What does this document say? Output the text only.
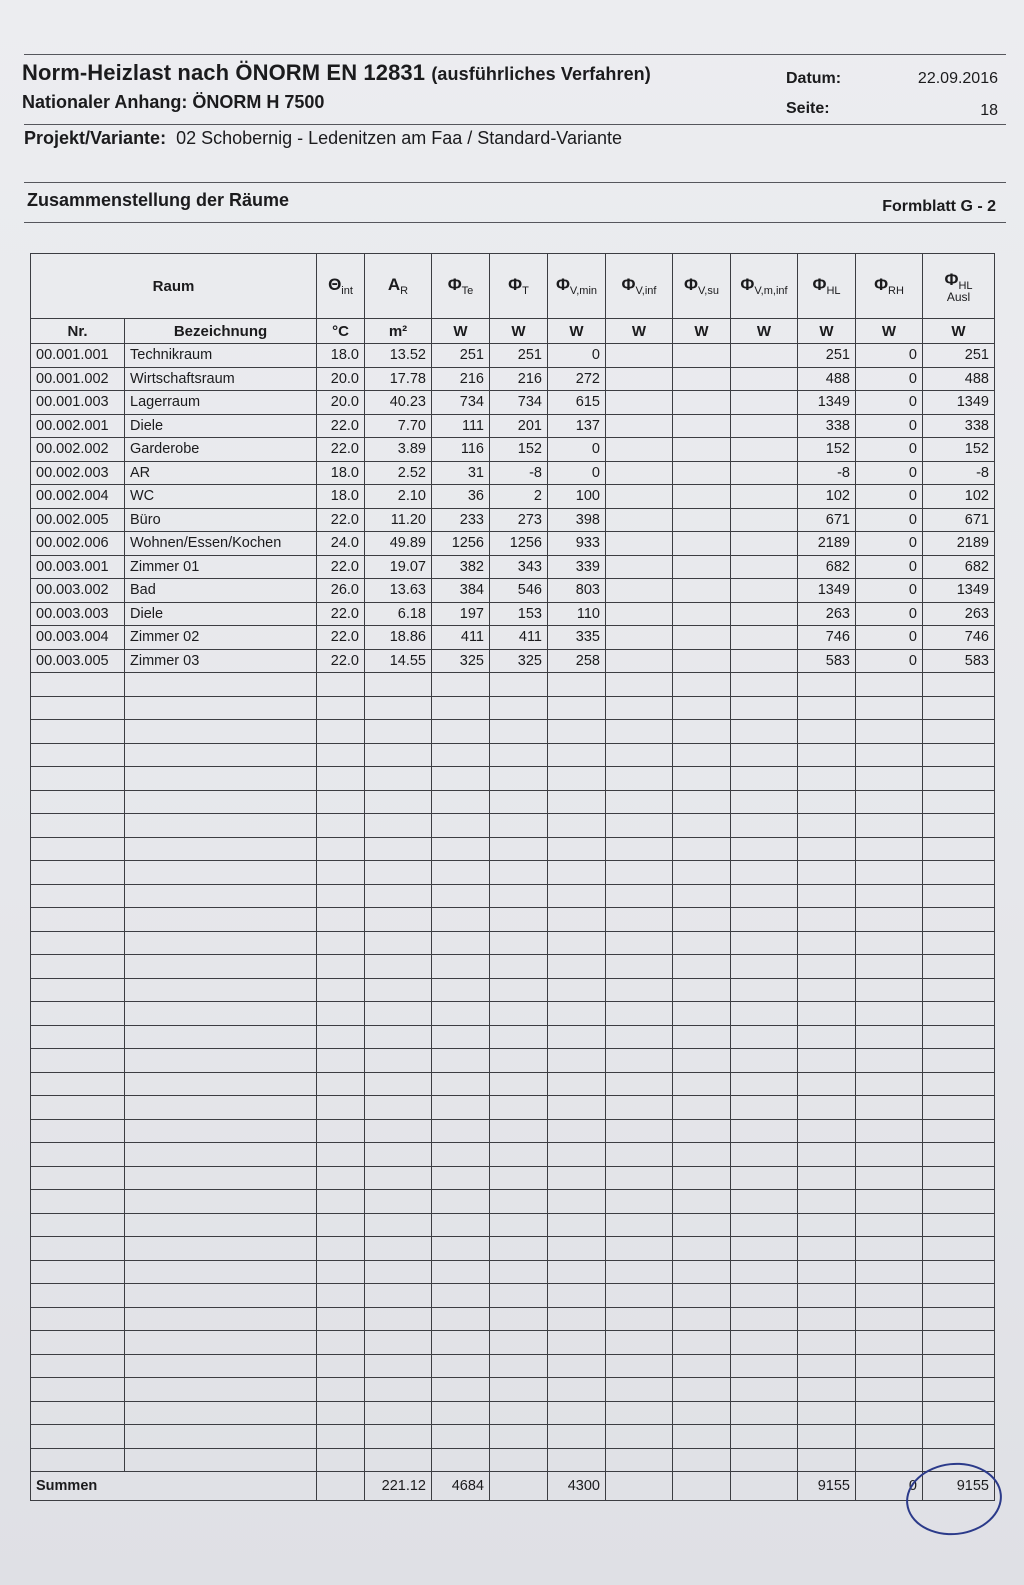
Norm-Heizlast nach ÖNORM EN 12831 (ausführliches Verfahren)
Nationaler Anhang: ÖNORM H 7500
Datum:	22.09.2016
Seite:	18
Projekt/Variante: 02 Schobernig - Ledenitzen am Faa / Standard-Variante
Zusammenstellung der Räume	Formblatt G - 2
Raum		$\Theta_{int}$	$A_R$	$\Phi_{Te}$	$\Phi_T$	$\Phi_{V,min}$	$\Phi_{V,inf}$	$\Phi_{V,su}$	$\Phi_{V,m,inf}$	$\Phi_{HL}$	$\Phi_{RH}$	$\Phi_{HL}$
Ausl

Nr.	Bezeichnung	°C	m²	W	W	W	W	W	W	W	W	W
00.001.001	Technikraum	18.0	13.52	251	251	0				251	0	251
00.001.002	Wirtschaftsraum	20.0	17.78	216	216	272				488	0	488
00.001.003	Lagerraum	20.0	40.23	734	734	615				1349	0	1349
00.002.001	Diele	22.0	7.70	111	201	137				338	0	338
00.002.002	Garderobe	22.0	3.89	116	152	0				152	0	152
00.002.003	AR	18.0	2.52	31	-8	0				-8	0	-8
00.002.004	WC	18.0	2.10	36	2	100				102	0	102
00.002.005	Büro	22.0	11.20	233	273	398				671	0	671
00.002.006	Wohnen/Essen/Kochen	24.0	49.89	1256	1256	933				2189	0	2189
00.003.001	Zimmer 01	22.0	19.07	382	343	339				682	0	682
00.003.002	Bad	26.0	13.63	384	546	803				1349	0	1349
00.003.003	Diele	22.0	6.18	197	153	110				263	0	263
00.003.004	Zimmer 02	22.0	18.86	411	411	335				746	0	746
00.003.005	Zimmer 03	22.0	14.55	325	325	258				583	0	583

Summen			221.12	4684		4300				9155	0	9155
